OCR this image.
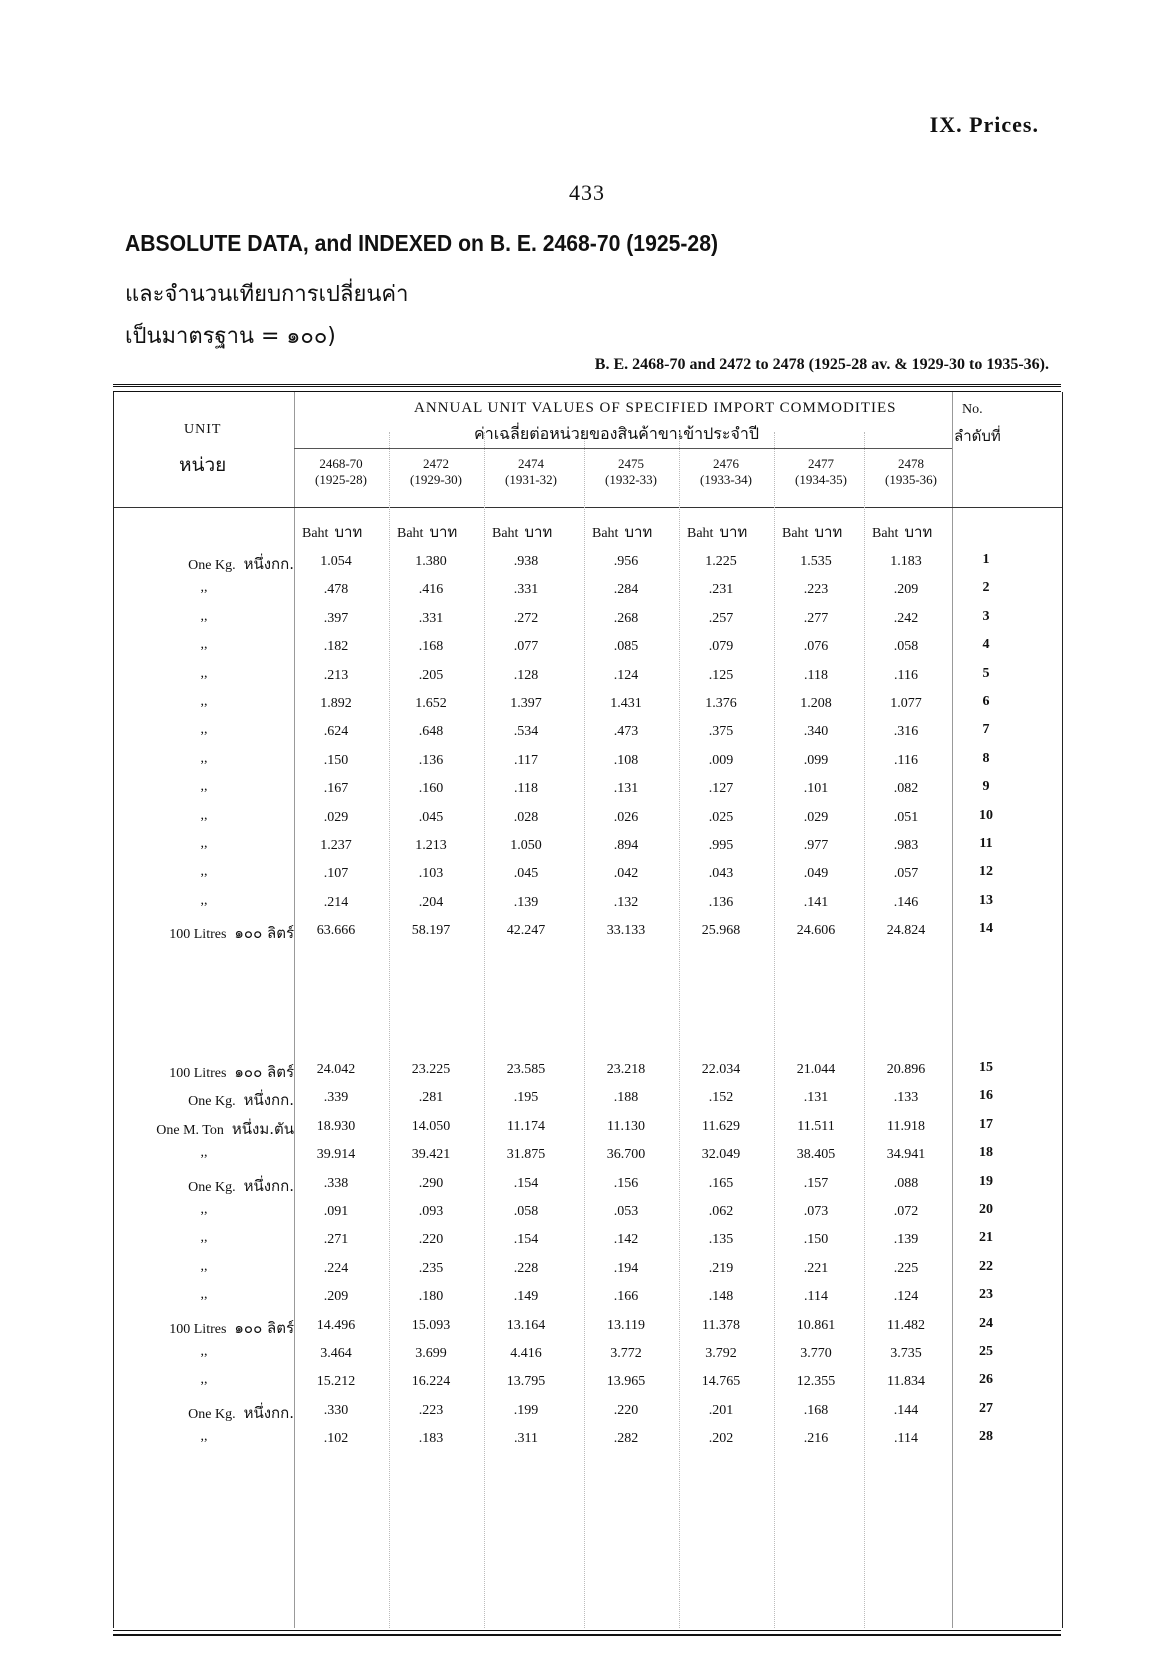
IX. Prices.
433
ABSOLUTE DATA, and INDEXED on B. E. 2468-70 (1925-28)
และจำนวนเทียบการเปลี่ยนค่า
เป็นมาตรฐาน = ๑๐๐)
B. E. 2468-70 and 2472 to 2478 (1925-28 av. & 1929-30 to 1935-36).
UNIT
หน่วย
ANNUAL UNIT VALUES OF SPECIFIED IMPORT COMMODITIES
ค่าเฉลี่ยต่อหน่วยของสินค้าขาเข้าประจำปี
No.
ลำดับที่
2468-70
(1925-28)
2472
(1929-30)
2474
(1931-32)
2475
(1932-33)
2476
(1933-34)
2477
(1934-35)
2478
(1935-36)
Baht บาท Baht บาท Baht บาท	Baht บาท Baht บาท Baht บาท Baht บาท
One Kg. หนึ่งกก.	1.054	1.380	.938	.956	1.225	1.535	1.183	1
,,	.478	.416	.331	.284	.231	.223	.209	2
,,	.397	.331	.272	.268	.257	.277	.242	3
,,	.182	.168	.077	.085	.079	.076	.058	4
,,	.213	.205	.128	.124	.125	.118	.116	5
,,	1.892	1.652	1.397	1.431	1.376	1.208	1.077	6
,,	.624	.648	.534	.473	.375	.340	.316	7
,,	.150	.136	.117	.108	.009	.099	.116	8
,,	.167	.160	.118	.131	.127	.101	.082	9
,,	.029	.045	.028	.026	.025	.029	.051	10
,,	1.237	1.213	1.050	.894	.995	.977	.983	11
,,	.107	.103	.045	.042	.043	.049	.057	12
,,	.214	.204	.139	.132	.136	.141	.146	13
100 Litres ๑๐๐ ลิตร์	63.666	58.197	42.247	33.133	25.968	24.606	24.824	14
100 Litres ๑๐๐ ลิตร์	24.042	23.225	23.585	23.218	22.034	21.044	20.896	15
One Kg. หนึ่งกก.	.339	.281	.195	.188	.152	.131	.133	16
One M. Ton หนึ่งม.ตัน	18.930	14.050	11.174	11.130	11.629	11.511	11.918	17
,,	39.914	39.421	31.875	36.700	32.049	38.405	34.941	18
One Kg. หนึ่งกก.	.338	.290	.154	.156	.165	.157	.088	19
,,	.091	.093	.058	.053	.062	.073	.072	20
,,	.271	.220	.154	.142	.135	.150	.139	21
,,	.224	.235	.228	.194	.219	.221	.225	22
,,	.209	.180	.149	.166	.148	.114	.124	23
100 Litres ๑๐๐ ลิตร์	14.496	15.093	13.164	13.119	11.378	10.861	11.482	24
,,	3.464	3.699	4.416	3.772	3.792	3.770	3.735	25
,,	15.212	16.224	13.795	13.965	14.765	12.355	11.834	26
One Kg. หนึ่งกก.	.330	.223	.199	.220	.201	.168	.144	27
,,	.102	.183	.311	.282	.202	.216	.114	28
